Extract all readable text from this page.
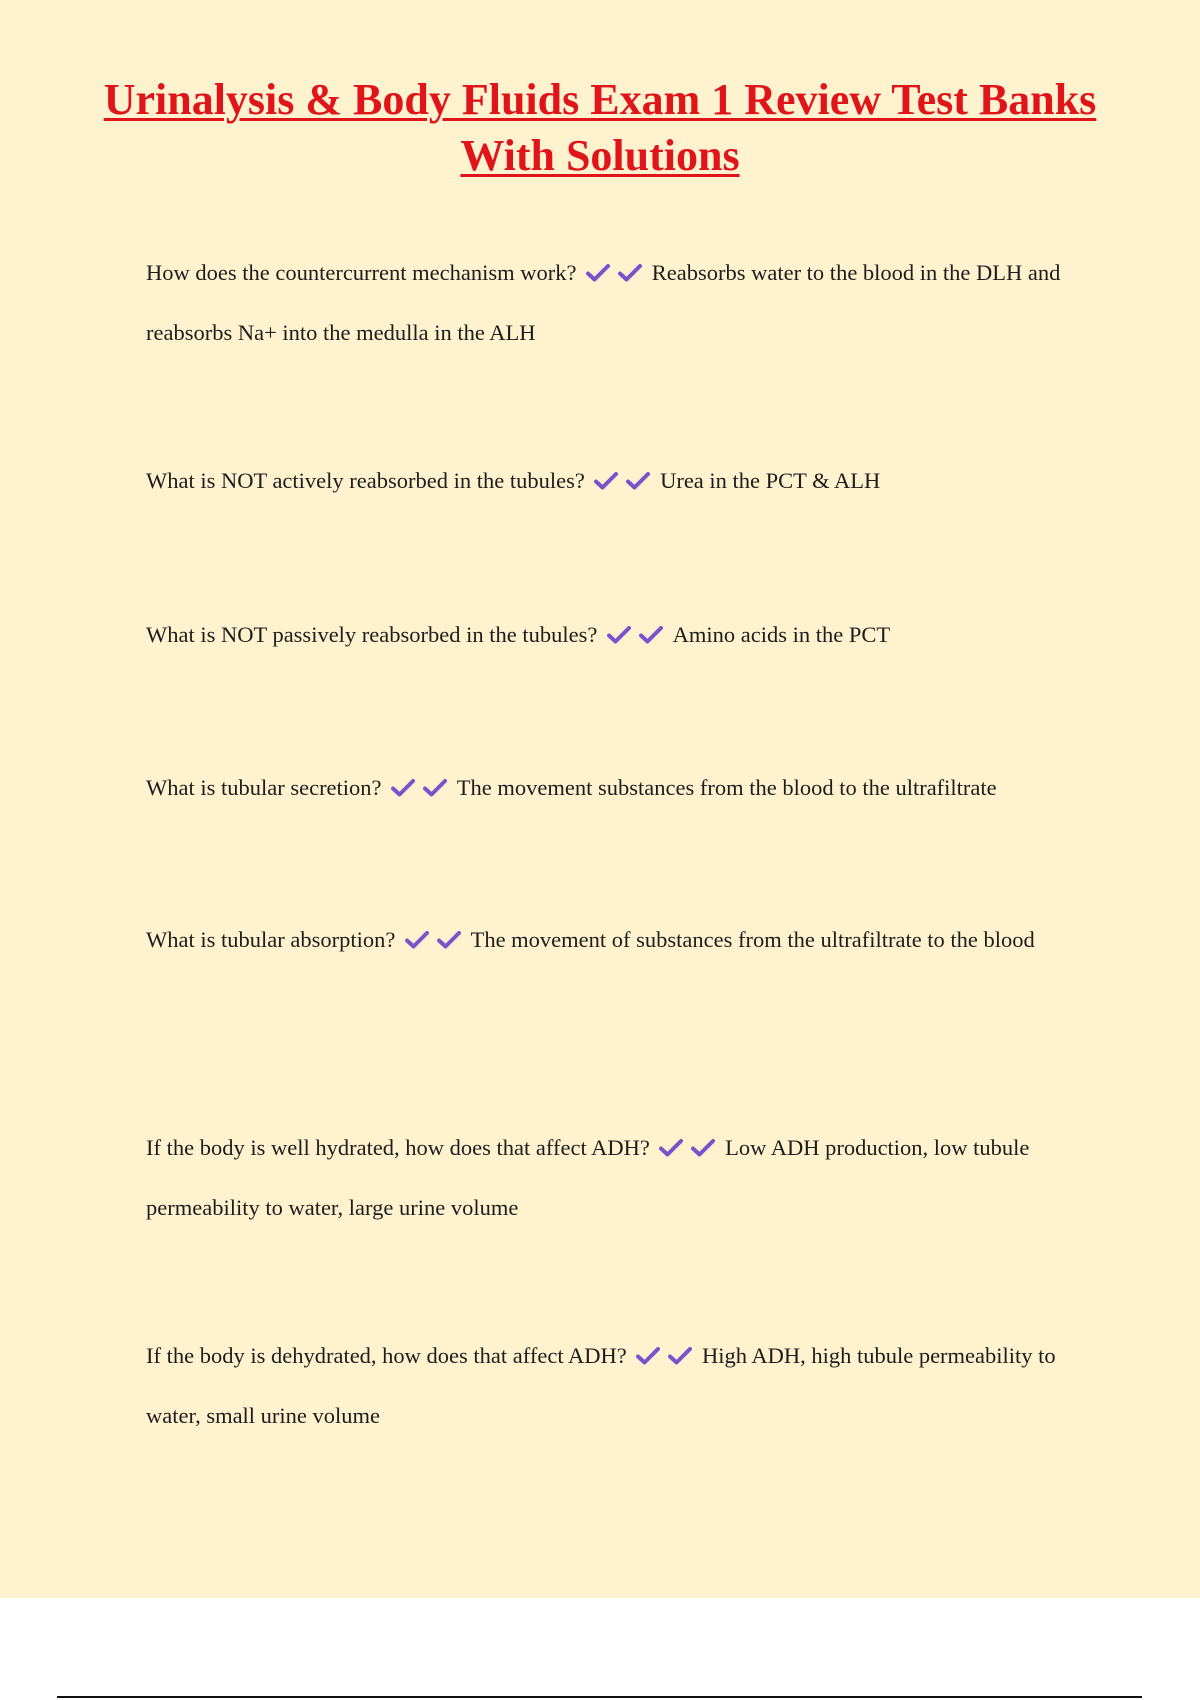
Urinalysis & Body Fluids Exam 1 Review Test Banks With Solutions

How does the countercurrent mechanism work?	Reabsorbs water to the blood in the DLH and reabsorbs Na+ into the medulla in the ALH

What is NOT actively reabsorbed in the tubules?	Urea in the PCT & ALH

What is NOT passively reabsorbed in the tubules?	Amino acids in the PCT

What is tubular secretion?	The movement substances from the blood to the ultrafiltrate

What is tubular absorption?	The movement of substances from the ultrafiltrate to the blood

If the body is well hydrated, how does that affect ADH?	Low ADH production, low tubule permeability to water, large urine volume

If the body is dehydrated, how does that affect ADH?	High ADH, high tubule permeability to water, small urine volume
